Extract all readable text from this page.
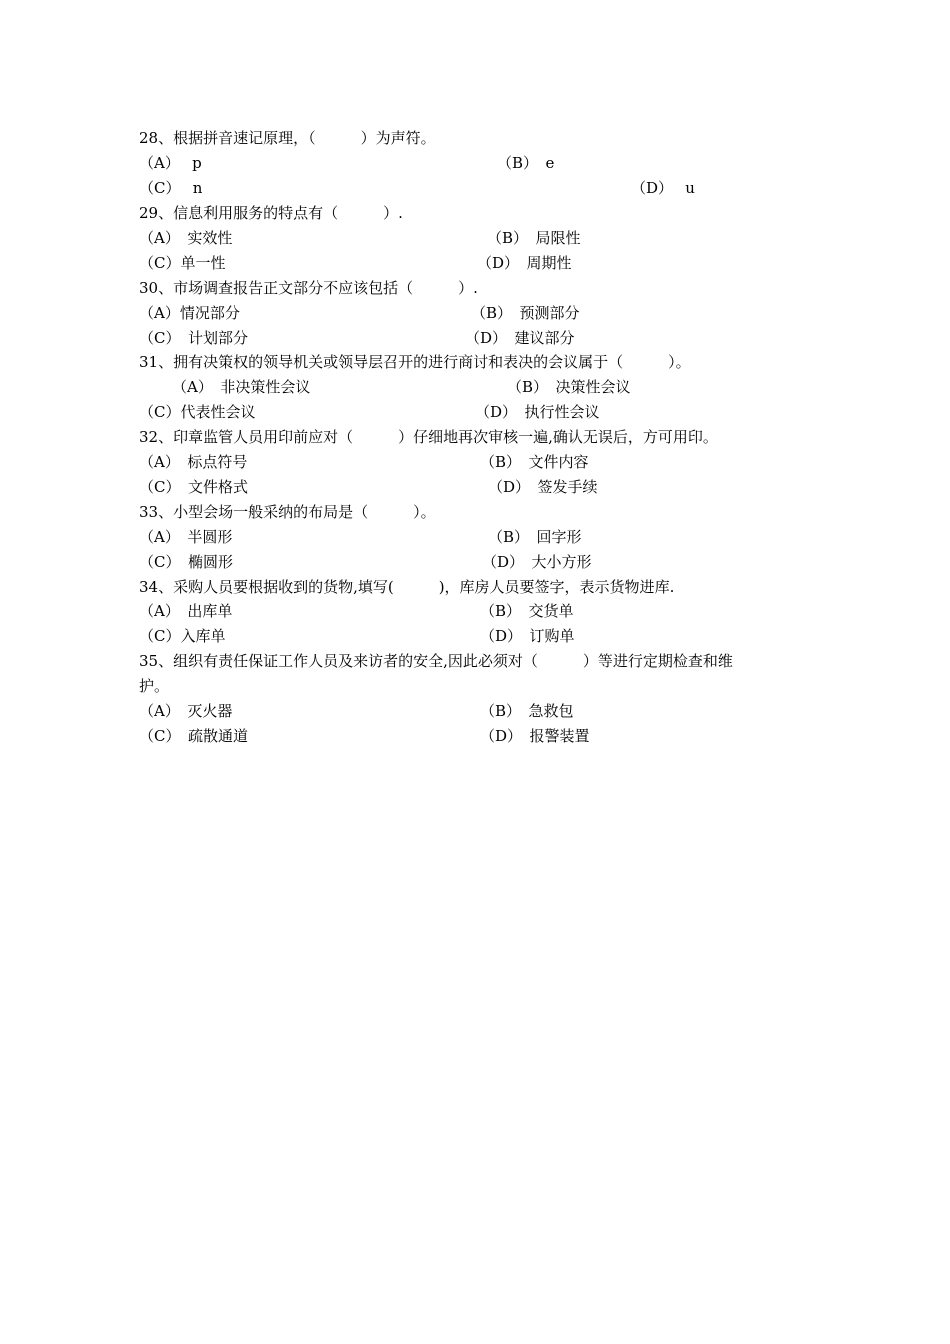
28、根据拼音速记原理，（　　　）为声符。
（A）　 p	（B）　e
（C）　 n	（D）　 u
29、信息利用服务的特点有（　　　）.
（A）　实效性	（B）　局限性
（C）单一性	（D）　周期性
30、市场调查报告正文部分不应该包括（　　　）.
（A）情况部分	（B）　预测部分
（C）　计划部分	（D）　建议部分
31、拥有决策权的领导机关或领导层召开的进行商讨和表决的会议属于（　　　）。
（A）　非决策性会议	（B）　决策性会议
（C）代表性会议	（D）　执行性会议
32、印章监管人员用印前应对（　　　）仔细地再次审核一遍,确认无误后，方可用印。
（A）　标点符号	（B）　文件内容
（C）　文件格式	（D）　签发手续
33、小型会场一般采纳的布局是（　　　）。
（A）　半圆形	（B）　回字形
（C）　椭圆形	（D）　大小方形
34、采购人员要根据收到的货物,填写(　　　)，库房人员要签字，表示货物进库.
（A）　出库单	（B）　交货单
（C）入库单	（D）　订购单
35、组织有责任保证工作人员及来访者的安全,因此必须对（　　　）等进行定期检查和维
护。
（A）　灭火器	（B）　急救包
（C）　疏散通道	（D）　报警装置
